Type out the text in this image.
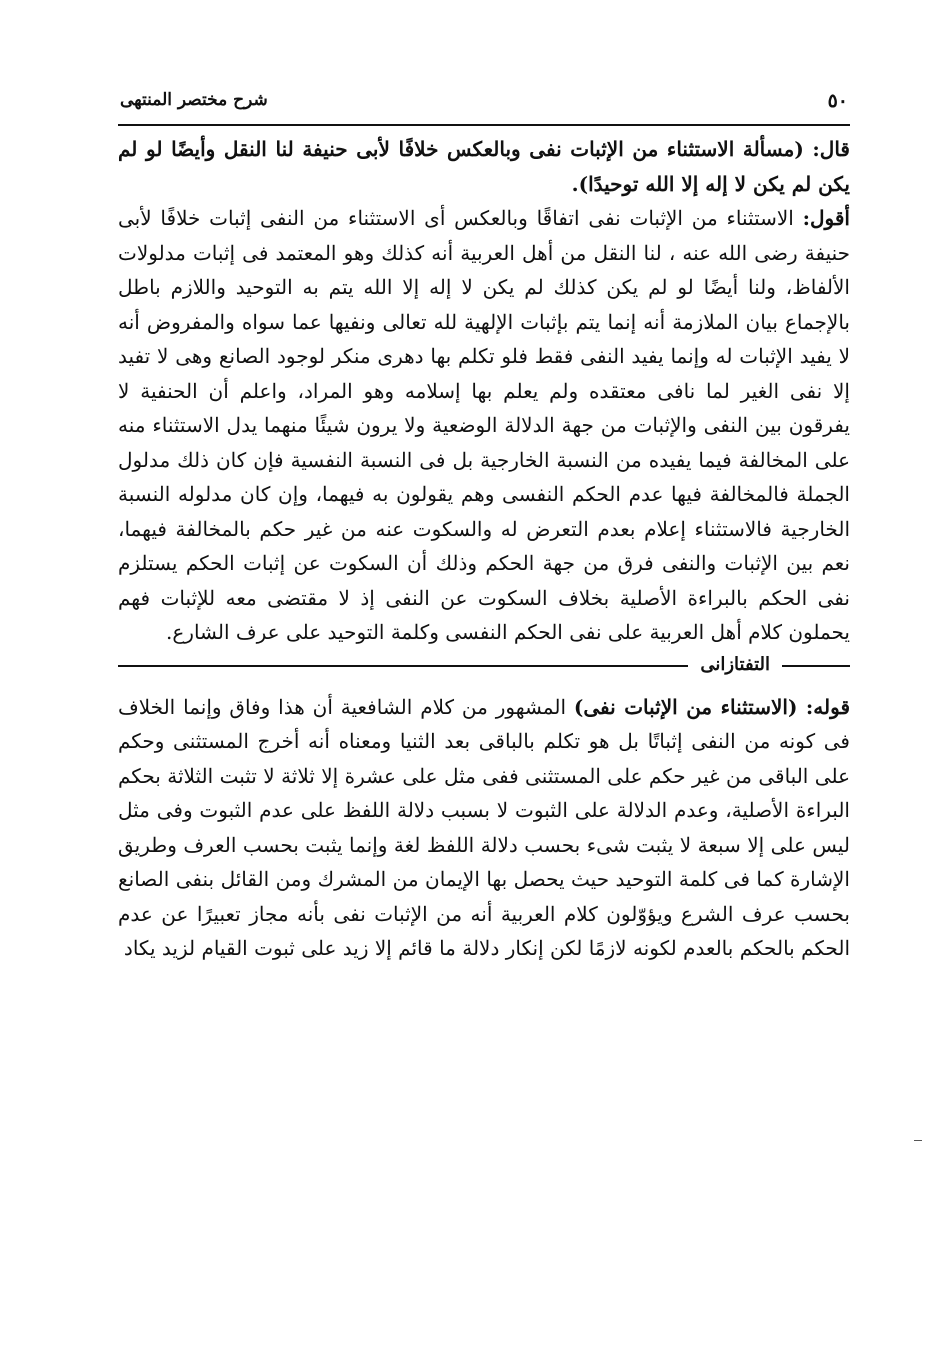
٥٠
شرح مختصر المنتهى

قال: (مسألة الاستثناء من الإثبات نفى وبالعكس خلافًا لأبى حنيفة لنا النقل وأيضًا لو لم يكن لم يكن لا إله إلا الله توحيدًا).

أقول: الاستثناء من الإثبات نفى اتفاقًا وبالعكس أى الاستثناء من النفى إثبات خلافًا لأبى حنيفة رضى الله عنه ، لنا النقل من أهل العربية أنه كذلك وهو المعتمد فى إثبات مدلولات الألفاظ، ولنا أيضًا لو لم يكن كذلك لم يكن لا إله إلا الله يتم به التوحيد واللازم باطل بالإجماع بيان الملازمة أنه إنما يتم بإثبات الإلهية لله تعالى ونفيها عما سواه والمفروض أنه لا يفيد الإثبات له وإنما يفيد النفى فقط فلو تكلم بها دهرى منكر لوجود الصانع وهى لا تفيد إلا نفى الغير لما نافى معتقده ولم يعلم بها إسلامه وهو المراد، واعلم أن الحنفية لا يفرقون بين النفى والإثبات من جهة الدلالة الوضعية ولا يرون شيئًا منهما يدل الاستثناء منه على المخالفة فيما يفيده من النسبة الخارجية بل فى النسبة النفسية فإن كان ذلك مدلول الجملة فالمخالفة فيها عدم الحكم النفسى وهم يقولون به فيهما، وإن كان مدلوله النسبة الخارجية فالاستثناء إعلام بعدم التعرض له والسكوت عنه من غير حكم بالمخالفة فيهما، نعم بين الإثبات والنفى فرق من جهة الحكم وذلك أن السكوت عن إثبات الحكم يستلزم نفى الحكم بالبراءة الأصلية بخلاف السكوت عن النفى إذ لا مقتضى معه للإثبات فهم يحملون كلام أهل العربية على نفى الحكم النفسى وكلمة التوحيد على عرف الشارع.

التفتازانى

قوله: (الاستثناء من الإثبات نفى) المشهور من كلام الشافعية أن هذا وفاق وإنما الخلاف فى كونه من النفى إثباتًا بل هو تكلم بالباقى بعد الثنيا ومعناه أنه أخرج المستثنى وحكم على الباقى من غير حكم على المستثنى ففى مثل على عشرة إلا ثلاثة لا تثبت الثلاثة بحكم البراءة الأصلية، وعدم الدلالة على الثبوت لا بسبب دلالة اللفظ على عدم الثبوت وفى مثل ليس على إلا سبعة لا يثبت شىء بحسب دلالة اللفظ لغة وإنما يثبت بحسب العرف وطريق الإشارة كما فى كلمة التوحيد حيث يحصل بها الإيمان من المشرك ومن القائل بنفى الصانع بحسب عرف الشرع ويؤوّلون كلام العربية أنه من الإثبات نفى بأنه مجاز تعبيرًا عن عدم الحكم بالحكم بالعدم لكونه لازمًا لكن إنكار دلالة ما قائم إلا زيد على ثبوت القيام لزيد يكاد
